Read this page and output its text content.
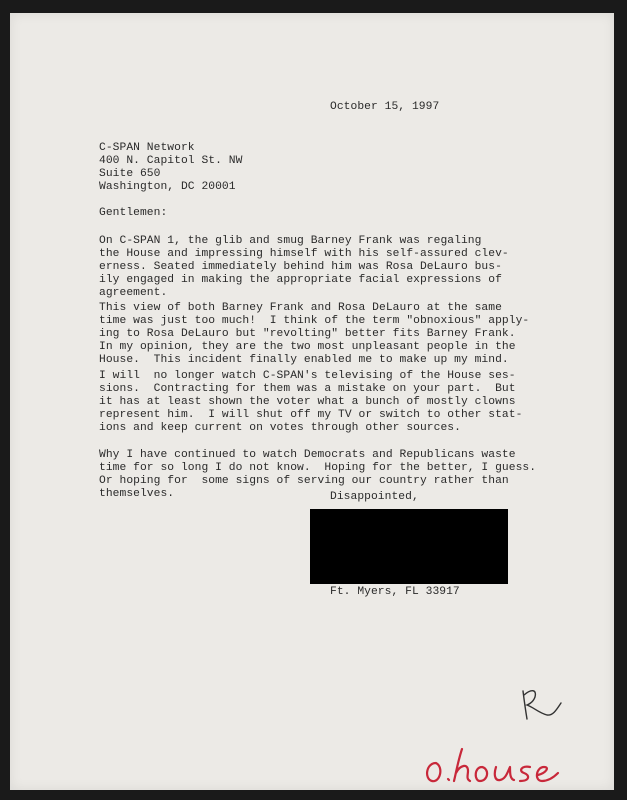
October 15, 1997
C-SPAN Network
400 N. Capitol St. NW
Suite 650
Washington, DC 20001
Gentlemen:
Disappointed,
Ft. Myers, FL 33917
On C-SPAN 1, the glib and smug Barney Frank was regaling
the House and impressing himself with his self-assured clev-
erness. Seated immediately behind him was Rosa DeLauro bus-
ily engaged in making the appropriate facial expressions of
agreement.
This view of both Barney Frank and Rosa DeLauro at the same
time was just too much!  I think of the term "obnoxious" apply-
ing to Rosa DeLauro but "revolting" better fits Barney Frank.
In my opinion, they are the two most unpleasant people in the
House.  This incident finally enabled me to make up my mind.
I will  no longer watch C-SPAN's televising of the House ses-
sions.  Contracting for them was a mistake on your part.  But
it has at least shown the voter what a bunch of mostly clowns
represent him.  I will shut off my TV or switch to other stat-
ions and keep current on votes through other sources.
Why I have continued to watch Democrats and Republicans waste
time for so long I do not know.  Hoping for the better, I guess.
Or hoping for  some signs of serving our country rather than
themselves.
